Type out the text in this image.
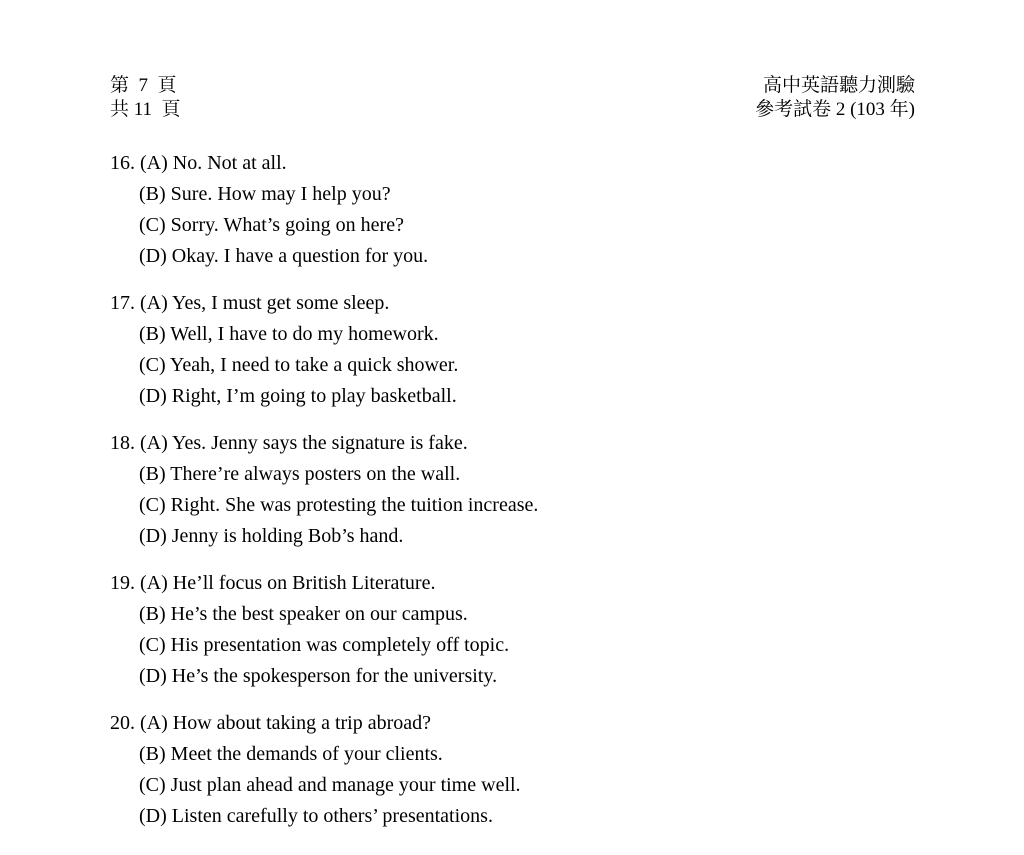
第  7  頁
共 11  頁
高中英語聽力測驗
參考試卷 2 (103 年)
16. (A) No. Not at all.
(B) Sure. How may I help you?
(C) Sorry. What’s going on here?
(D) Okay. I have a question for you.
17. (A) Yes, I must get some sleep.
(B) Well, I have to do my homework.
(C) Yeah, I need to take a quick shower.
(D) Right, I’m going to play basketball.
18. (A) Yes. Jenny says the signature is fake.
(B) There’re always posters on the wall.
(C) Right. She was protesting the tuition increase.
(D) Jenny is holding Bob’s hand.
19. (A) He’ll focus on British Literature.
(B) He’s the best speaker on our campus.
(C) His presentation was completely off topic.
(D) He’s the spokesperson for the university.
20. (A) How about taking a trip abroad?
(B) Meet the demands of your clients.
(C) Just plan ahead and manage your time well.
(D) Listen carefully to others’ presentations.
